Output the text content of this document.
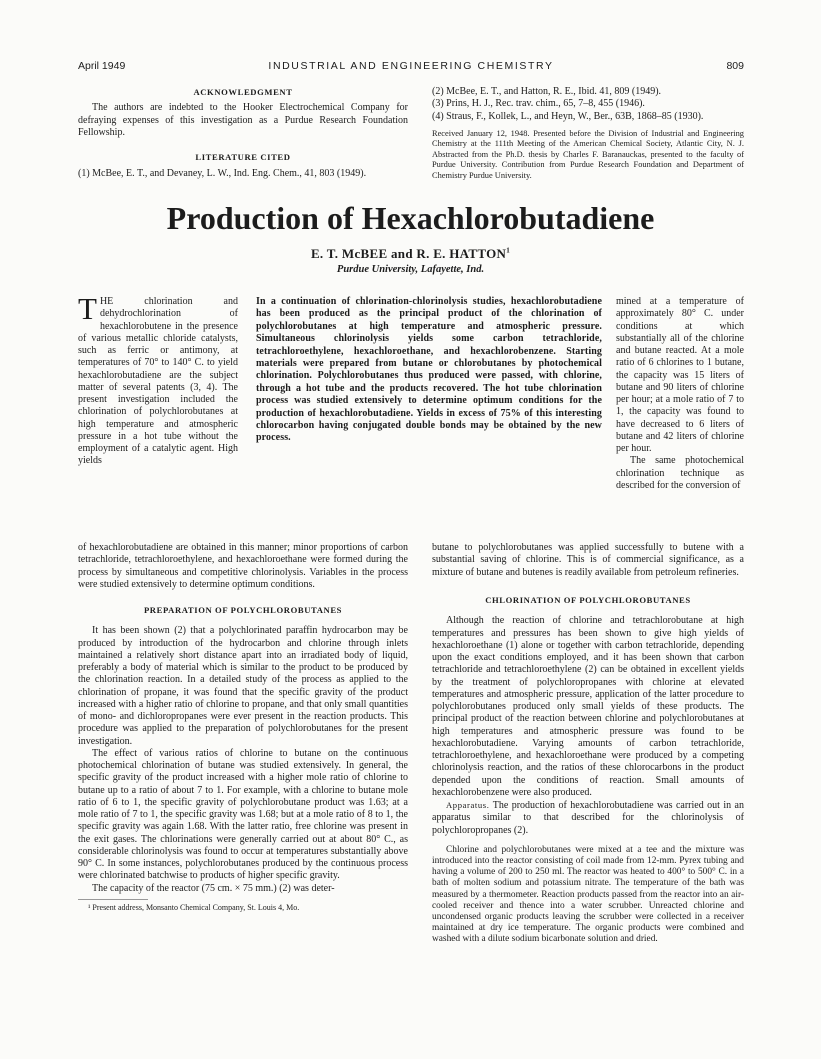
April 1949	INDUSTRIAL AND ENGINEERING CHEMISTRY	809
ACKNOWLEDGMENT

The authors are indebted to the Hooker Electrochemical Company for defraying expenses of this investigation as a Purdue Research Foundation Fellowship.

LITERATURE CITED

(1) McBee, E. T., and Devaney, L. W., Ind. Eng. Chem., 41, 803 (1949).

(2) McBee, E. T., and Hatton, R. E., Ibid. 41, 809 (1949).

(3) Prins, H. J., Rec. trav. chim., 65, 7–8, 455 (1946).

(4) Straus, F., Kollek, L., and Heyn, W., Ber., 63B, 1868–85 (1930).

Received January 12, 1948. Presented before the Division of Industrial and Engineering Chemistry at the 111th Meeting of the American Chemical Society, Atlantic City, N. J. Abstracted from the Ph.D. thesis by Charles F. Baranauckas, presented to the faculty of Purdue University. Contribution from Purdue Research Foundation and Department of Chemistry Purdue University.

Production of Hexachlorobutadiene
E. T. McBEE and R. E. HATTON$^1$
Purdue University, Lafayette, Ind.
THE chlorination and dehydrochlorination of hexachlorobutene in the presence of various metallic chloride catalysts, such as ferric or antimony, at temperatures of 70° to 140° C. to yield hexachlorobutadiene are the subject matter of several patents (3, 4). The present investigation included the chlorination of polychlorobutanes at high temperature and atmospheric pressure in a hot tube without the employment of a catalytic agent. High yields
In a continuation of chlorination-chlorinolysis studies, hexachlorobutadiene has been produced as the principal product of the chlorination of polychlorobutanes at high temperature and atmospheric pressure. Simultaneous chlorinolysis yields some carbon tetrachloride, tetrachloroethylene, hexachloroethane, and hexachlorobenzene. Starting materials were prepared from butane or chlorobutanes by photochemical chlorination. Polychlorobutanes thus produced were passed, with chlorine, through a hot tube and the products recovered. The hot tube chlorination process was studied extensively to determine optimum conditions for the production of hexachlorobutadiene. Yields in excess of 75% of this interesting chlorocarbon having conjugated double bonds may be obtained by the new process.

mined at a temperature of approximately 80° C. under conditions at which substantially all of the chlorine and butane reacted. At a mole ratio of 6 chlorines to 1 butane, the capacity was 15 liters of butane and 90 liters of chlorine per hour; at a mole ratio of 7 to 1, the capacity was found to have decreased to 6 liters of butane and 42 liters of chlorine per hour.

The same photochemical chlorination technique as described for the conversion of

of hexachlorobutadiene are obtained in this manner; minor proportions of carbon tetrachloride, tetrachloroethylene, and hexachloroethane were formed during the process by simultaneous and competitive chlorinolysis. Variables in the process were studied extensively to determine optimum conditions.
butane to polychlorobutanes was applied successfully to butene with a substantial saving of chlorine. This is of commercial significance, as a mixture of butane and butenes is readily available from petroleum refineries.
PREPARATION OF POLYCHLOROBUTANES

It has been shown (2) that a polychlorinated paraffin hydrocarbon may be produced by introduction of the hydrocarbon and chlorine through inlets maintained a relatively short distance apart into an irradiated body of liquid, preferably a body of material which is similar to the product to be produced by the chlorination reaction. In a detailed study of the process as applied to the chlorination of propane, it was found that the specific gravity of the product increased with a higher ratio of chlorine to propane, and that only small quantities of mono- and dichloropropanes were ever present in the reaction products. This procedure was applied to the preparation of polychlorobutanes for the present investigation.

The effect of various ratios of chlorine to butane on the continuous photochemical chlorination of butane was studied extensively. In general, the specific gravity of the product increased with a higher mole ratio of chlorine to butane up to a ratio of about 7 to 1. For example, with a chlorine to butane mole ratio of 6 to 1, the specific gravity of polychlorobutane product was 1.63; at a mole ratio of 7 to 1, the specific gravity was 1.68; but at a mole ratio of 8 to 1, the specific gravity was again 1.68. With the latter ratio, free chlorine was present in the exit gases. The chlorinations were generally carried out at about 80° C., as considerable chlorinolysis was found to occur at temperatures substantially above 90° C. In some instances, polychlorobutanes produced by the continuous process were chlorinated batchwise to products of higher specific gravity.

The capacity of the reactor (75 cm. × 75 mm.) (2) was deter-

¹ Present address, Monsanto Chemical Company, St. Louis 4, Mo.

CHLORINATION OF POLYCHLOROBUTANES

Although the reaction of chlorine and tetrachlorobutane at high temperatures and pressures has been shown to give high yields of hexachloroethane (1) alone or together with carbon tetrachloride, depending upon the exact conditions employed, and it has been shown that carbon tetrachloride and tetrachloroethylene (2) can be obtained in excellent yields by the treatment of polychloropropanes with chlorine at elevated temperatures and atmospheric pressure, application of the latter procedure to polychlorobutanes produced only small yields of these products. The principal product of the reaction between chlorine and polychlorobutanes at high temperatures and atmospheric pressure was found to be hexachlorobutadiene. Varying amounts of carbon tetrachloride, tetrachloroethylene, and hexachloroethane were produced by a competing chlorinolysis reaction, and the ratios of these chlorocarbons in the product depended upon the conditions of reaction. Small amounts of hexachlorobenzene were also produced.

Apparatus. The production of hexachlorobutadiene was carried out in an apparatus similar to that described for the chlorinolysis of polychloropropanes (2).

Chlorine and polychlorobutanes were mixed at a tee and the mixture was introduced into the reactor consisting of coil made from 12-mm. Pyrex tubing and having a volume of 200 to 250 ml. The reactor was heated to 400° to 500° C. in a bath of molten sodium and potassium nitrate. The temperature of the bath was measured by a thermometer. Reaction products passed from the reactor into an air-cooled receiver and thence into a water scrubber. Unreacted chlorine and uncondensed organic products leaving the scrubber were collected in a receiver maintained at dry ice temperature. The organic products were combined and washed with a dilute sodium bicarbonate solution and dried.
